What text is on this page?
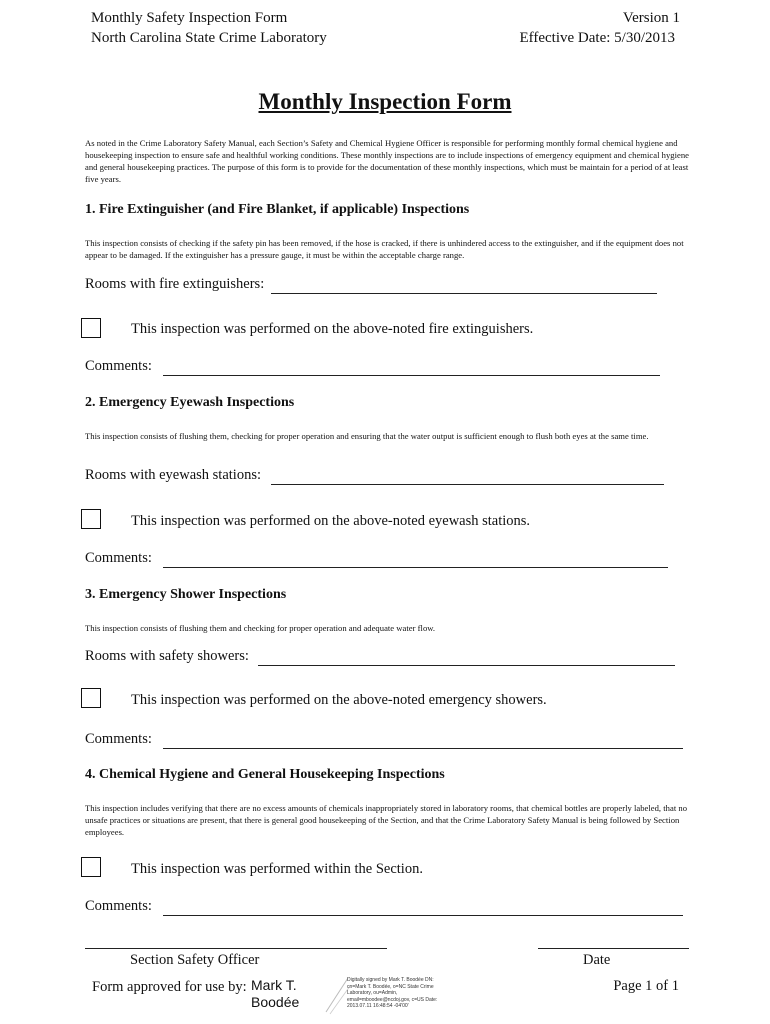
Monthly Safety Inspection Form
North Carolina State Crime Laboratory
Version 1
Effective Date: 5/30/2013
Monthly Inspection Form
As noted in the Crime Laboratory Safety Manual, each Section’s Safety and Chemical Hygiene Officer is responsible for performing monthly formal chemical hygiene and housekeeping inspection to ensure safe and healthful working conditions. These monthly inspections are to include inspections of emergency equipment and chemical hygiene and general housekeeping practices. The purpose of this form is to provide for the documentation of these monthly inspections, which must be maintain for a period of at least five years.
1. Fire Extinguisher (and Fire Blanket, if applicable) Inspections
This inspection consists of checking if the safety pin has been removed, if the hose is cracked, if there is unhindered access to the extinguisher, and if the equipment does not appear to be damaged. If the extinguisher has a pressure gauge, it must be within the acceptable charge range.
Rooms with fire extinguishers:
This inspection was performed on the above-noted fire extinguishers.
Comments:
2. Emergency Eyewash Inspections
This inspection consists of flushing them, checking for proper operation and ensuring that the water output is sufficient enough to flush both eyes at the same time.
Rooms with eyewash stations:
This inspection was performed on the above-noted eyewash stations.
Comments:
3. Emergency Shower Inspections
This inspection consists of flushing them and checking for proper operation and adequate water flow.
Rooms with safety showers:
This inspection was performed on the above-noted emergency showers.
Comments:
4. Chemical Hygiene and General Housekeeping Inspections
This inspection includes verifying that there are no excess amounts of chemicals inappropriately stored in laboratory rooms, that chemical bottles are properly labeled, that no unsafe practices or situations are present, that there is general good housekeeping of the Section, and that the Crime Laboratory Safety Manual is being followed by Section employees.
This inspection was performed within the Section.
Comments:
Section Safety Officer	Date
Form approved for use by: Mark T. Boodée
Digitally signed by Mark T. Boodée DN: cn=Mark T. Boodée, o=NC State Crime Laboratory, ou=Admin, email=mboodee@ncdoj.gov, c=US Date: 2013.07.11 16:48:54 -04'00'
Page 1 of 1
